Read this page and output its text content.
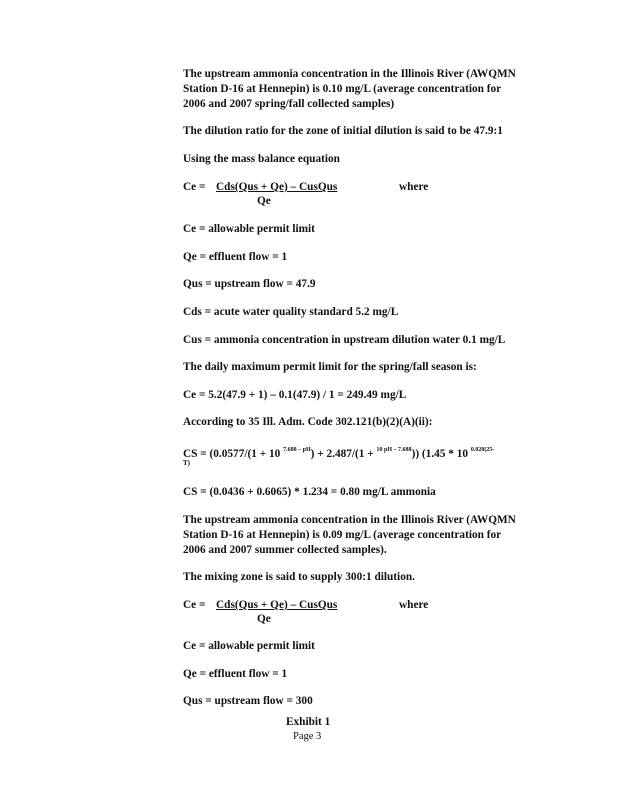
The upstream ammonia concentration in the Illinois River (AWQMN
Station D-16 at Hennepin) is 0.10 mg/L (average concentration for
2006 and 2007 spring/fall collected samples)
The dilution ratio for the zone of initial dilution is said to be 47.9:1
Using the mass balance equation
Ce = Cds(Qus + Qe) – CusQus	where
Qe
Ce = allowable permit limit
Qe = effluent flow = 1
Qus = upstream flow = 47.9
Cds = acute water quality standard 5.2 mg/L
Cus = ammonia concentration in upstream dilution water 0.1 mg/L
The daily maximum permit limit for the spring/fall season is:
Ce = 5.2(47.9 + 1) – 0.1(47.9) / 1 = 249.49 mg/L
According to 35 Ill. Adm. Code 302.121(b)(2)(A)(ii):
CS = (0.0577/(1 + 10 $^{7.688 - pH}$) + 2.487/(1 + $^{10 pH - 7.688}$)) (1.45 * 10 $^{0.028(25-}$
T)
CS = (0.0436 + 0.6065) * 1.234 = 0.80 mg/L ammonia
The upstream ammonia concentration in the Illinois River (AWQMN
Station D-16 at Hennepin) is 0.09 mg/L (average concentration for
2006 and 2007 summer collected samples).
The mixing zone is said to supply 300:1 dilution.
Ce = Cds(Qus + Qe) – CusQus	where
Qe
Ce = allowable permit limit
Qe = effluent flow = 1
Qus = upstream flow = 300
Exhibit 1
Page 3
